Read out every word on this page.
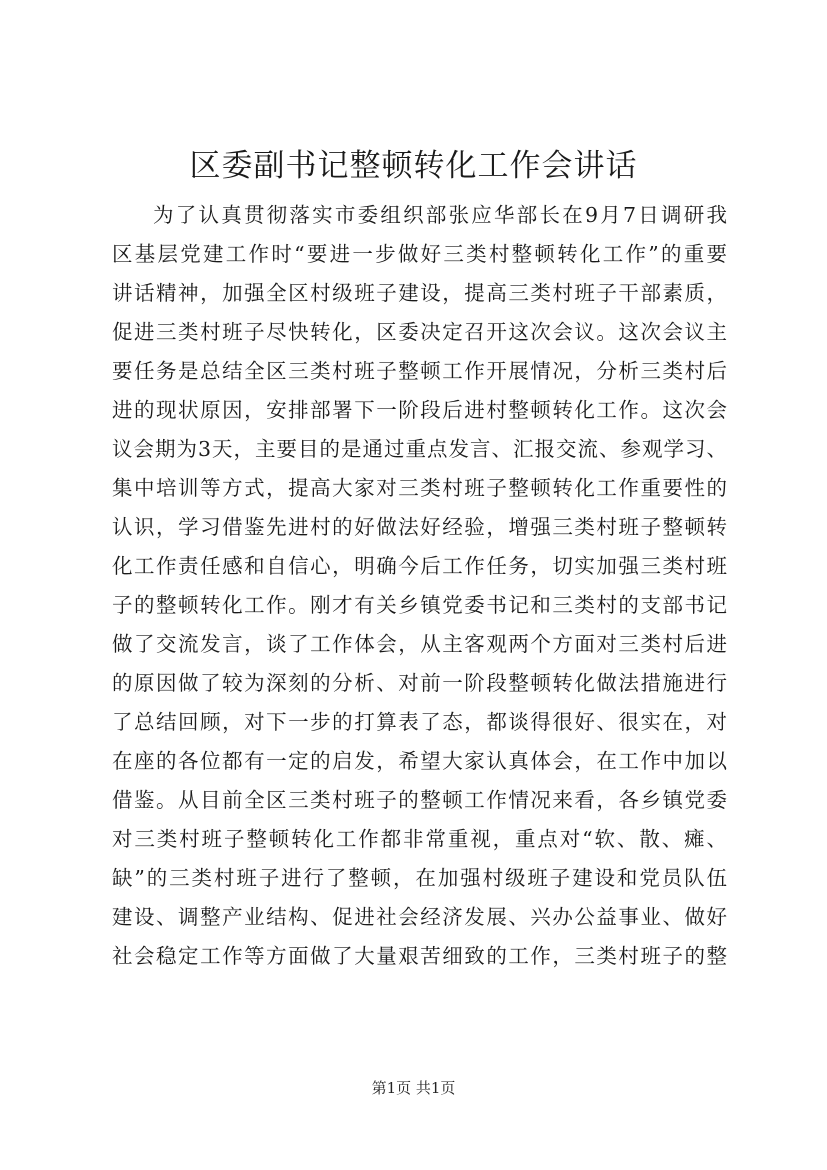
区委副书记整顿转化工作会讲话
为了认真贯彻落实市委组织部张应华部长在9月7日调研我
区基层党建工作时“要进一步做好三类村整顿转化工作”的重要
讲话精神，加强全区村级班子建设，提高三类村班子干部素质，
促进三类村班子尽快转化，区委决定召开这次会议。这次会议主
要任务是总结全区三类村班子整顿工作开展情况，分析三类村后
进的现状原因，安排部署下一阶段后进村整顿转化工作。这次会
议会期为3天，主要目的是通过重点发言、汇报交流、参观学习、
集中培训等方式，提高大家对三类村班子整顿转化工作重要性的
认识，学习借鉴先进村的好做法好经验，增强三类村班子整顿转
化工作责任感和自信心，明确今后工作任务，切实加强三类村班
子的整顿转化工作。刚才有关乡镇党委书记和三类村的支部书记
做了交流发言，谈了工作体会，从主客观两个方面对三类村后进
的原因做了较为深刻的分析、对前一阶段整顿转化做法措施进行
了总结回顾，对下一步的打算表了态，都谈得很好、很实在，对
在座的各位都有一定的启发，希望大家认真体会，在工作中加以
借鉴。从目前全区三类村班子的整顿工作情况来看，各乡镇党委
对三类村班子整顿转化工作都非常重视，重点对“软、散、瘫、
缺”的三类村班子进行了整顿，在加强村级班子建设和党员队伍
建设、调整产业结构、促进社会经济发展、兴办公益事业、做好
社会稳定工作等方面做了大量艰苦细致的工作，三类村班子的整
第1页 共1页
